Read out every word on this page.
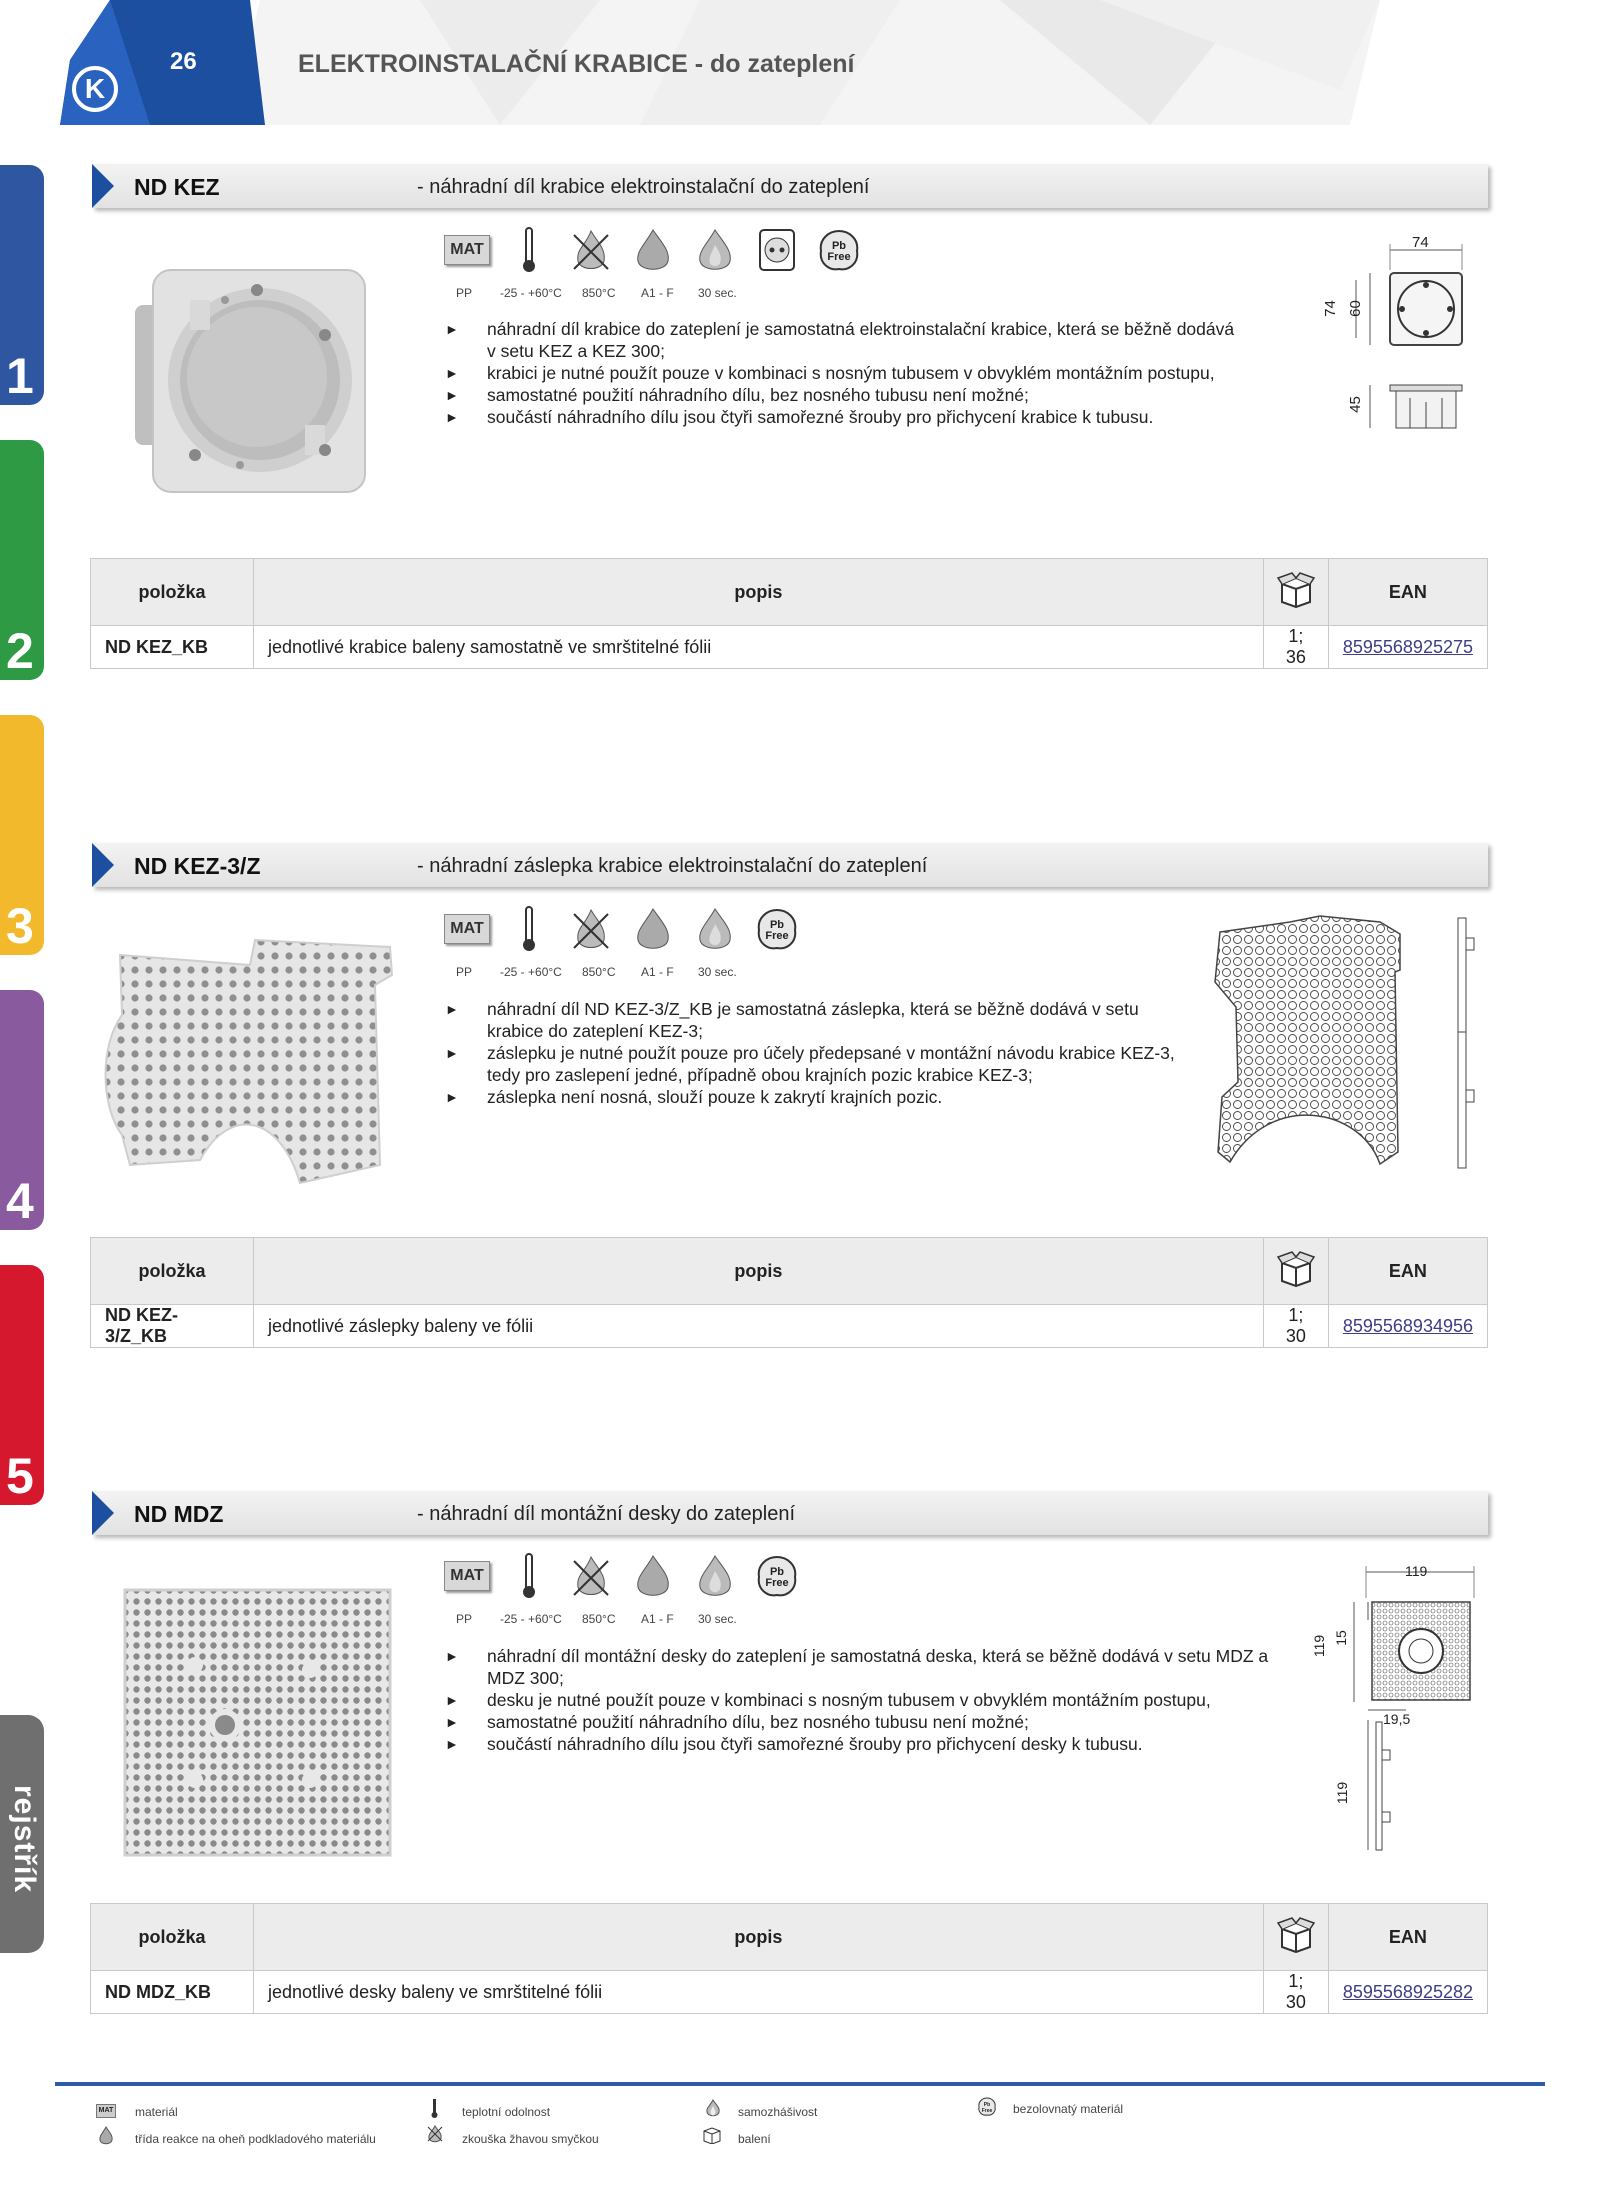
K
26	ELEKTROINSTALAČNÍ KRABICE - do zateplení
1
2
3
4
5
rejstřík
ND KEZ	- náhradní díl krabice elektroinstalační do zateplení
MAT	Pb
Free
PP -25 - +60°C 850°C A1 - F 30 sec.
► náhradní díl krabice do zateplení je samostatná elektroinstalační krabice, která se běžně dodává v setu KEZ a KEZ 300;
► krabici je nutné použít pouze v kombinaci s nosným tubusem v obvyklém montážním postupu,
► samostatné použití náhradního dílu, bez nosného tubusu není možné;
► součástí náhradního dílu jsou čtyři samořezné šrouby pro přichycení krabice k tubusu.
74
74 60
45
položka	popis		EAN
ND KEZ_KB	jednotlivé krabice baleny samostatně ve smrštitelné fólii	1; 36	8595568925275
ND KEZ-3/Z	- náhradní záslepka krabice elektroinstalační do zateplení
MAT	Pb
Free
PP -25 - +60°C 850°C A1 - F 30 sec.
► náhradní díl ND KEZ-3/Z_KB je samostatná záslepka, která se běžně dodává v setu krabice do zateplení KEZ-3;
► záslepku je nutné použít pouze pro účely předepsané v montážní návodu krabice KEZ-3, tedy pro zaslepení jedné, případně obou krajních pozic krabice KEZ-3;
► záslepka není nosná, slouží pouze k zakrytí krajních pozic.
položka	popis		EAN
ND KEZ-3/Z_KB	jednotlivé záslepky baleny ve fólii	1; 30	8595568934956
ND MDZ	- náhradní díl montážní desky do zateplení
MAT	Pb
Free
PP -25 - +60°C 850°C A1 - F 30 sec.
► náhradní díl montážní desky do zateplení je samostatná deska, která se běžně dodává v setu MDZ a MDZ 300;
► desku je nutné použít pouze v kombinaci s nosným tubusem v obvyklém montážním postupu,
► samostatné použití náhradního dílu, bez nosného tubusu není možné;
► součástí náhradního dílu jsou čtyři samořezné šrouby pro přichycení desky k tubusu.
119
119 15
19,5
119
položka	popis		EAN
ND MDZ_KB	jednotlivé desky baleny ve smrštitelné fólii	1; 30	8595568925282
MAT materiál
třída reakce na oheň podkladového materiálu
teplotní odolnost
zkouška žhavou smyčkou
samozhášivost
balení
Pb
Free bezolovnatý materiál
